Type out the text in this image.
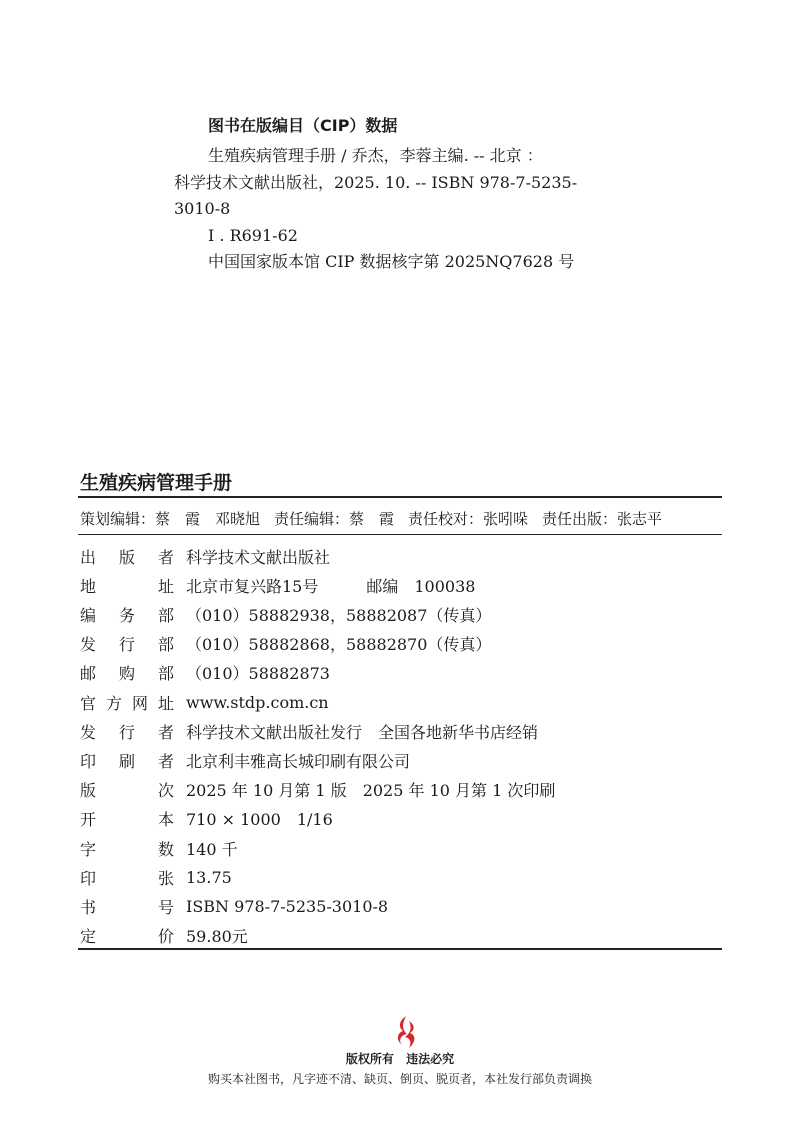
图书在版编目（CIP）数据
生殖疾病管理手册 / 乔杰，李蓉主编. -- 北京 ：
科学技术文献出版社，2025. 10. -- ISBN 978-7-5235-
3010-8
Ⅰ . R691-62
中国国家版本馆 CIP 数据核字第 2025NQ7628 号
生殖疾病管理手册
策划编辑：蔡　霞　邓晓旭 责任编辑：蔡　霞 责任校对：张吲哚 责任出版：张志平
出 版 者 科学技术文献出版社
地	址 北京市复兴路15号　　　邮编　100038
编 务 部 （010）58882938，58882087（传真）
发 行 部 （010）58882868，58882870（传真）
邮 购 部 （010）58882873
官 方 网 址 www.stdp.com.cn
发 行 者 科学技术文献出版社发行　全国各地新华书店经销
印 刷 者 北京利丰雅高长城印刷有限公司
版	次 2025 年 10 月第 1 版　2025 年 10 月第 1 次印刷
开	本 710 × 1000　1/16
字	数 140 千
印	张 13.75
书	号 ISBN 978-7-5235-3010-8
定	价 59.80元
版权所有 违法必究
购买本社图书，凡字迹不清、缺页、倒页、脱页者，本社发行部负责调换
